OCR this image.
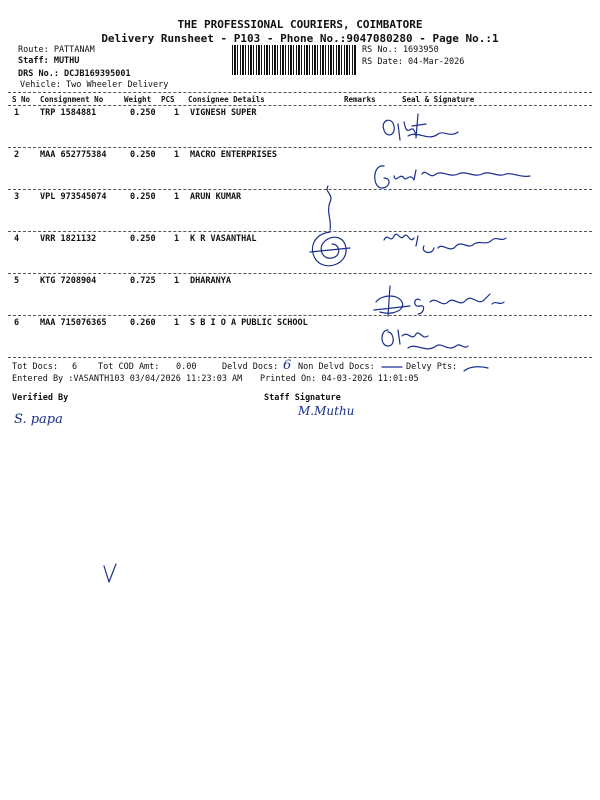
THE PROFESSIONAL COURIERS, COIMBATORE
Delivery Runsheet - P103 - Phone No.:9047080280 - Page No.:1
Route: PATTANAM
Staff: MUTHU
DRS No.: DCJB169395001
Vehicle: Two Wheeler Delivery
RS No.: 1693950
RS Date: 04-Mar-2026
S No Consignment No	Weight PCS Consignee Details	Remarks	Seal & Signature
1 TRP 1584881	0.250 1 VIGNESH SUPER
2 MAA 652775384	0.250 1 MACRO ENTERPRISES
3 VPL 973545074	0.250 1 ARUN KUMAR
4 VRR 1821132	0.250 1 K R VASANTHAL
5 KTG 7208904	0.725 1 DHARANYA
6 MAA 715076365	0.260 1 S B I O A PUBLIC SCHOOL
Tot Docs: 6 Tot COD Amt: 0.00	Delvd Docs: 6 Non Delvd Docs:	Delvy Pts:
Entered By :VASANTH103 03/04/2026 11:23:03 AM Printed On: 04-03-2026 11:01:05
Verified By	Staff Signature
S. papa
M.Muthu
